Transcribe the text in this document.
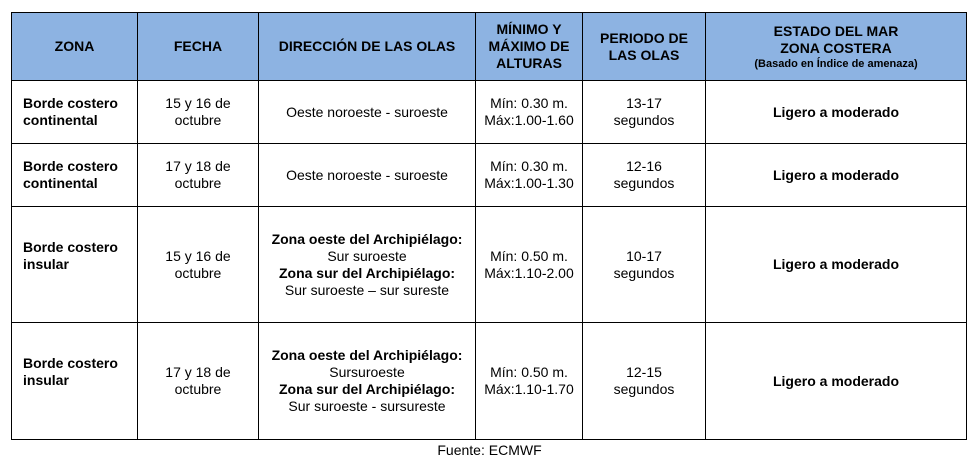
ZONA	FECHA	DIRECCIÓN DE LAS OLAS	MÍNIMO Y
MÁXIMO DE
ALTURAS	PERIODO DE
LAS OLAS	ESTADO DEL MAR
ZONA COSTERA
(Basado en Índice de amenaza)

Borde costero
continental	15 y 16 de
octubre	Oeste noroeste - suroeste	Mín: 0.30 m.
Máx:1.00-1.60	13-17
segundos	Ligero a moderado

Borde costero
continental	17 y 18 de
octubre	Oeste noroeste - suroeste	Mín: 0.30 m.
Máx:1.00-1.30	12-16
segundos	Ligero a moderado

Borde costero
insular	15 y 16 de
octubre	Zona oeste del Archipiélago:
Sur suroeste
Zona sur del Archipiélago:
Sur suroeste – sur sureste	Mín: 0.50 m.
Máx:1.10-2.00	10-17
segundos	Ligero a moderado

Borde costero
insular	17 y 18 de
octubre	Zona oeste del Archipiélago:
Sursuroeste
Zona sur del Archipiélago:
Sur suroeste - sursureste	Mín: 0.50 m.
Máx:1.10-1.70	12-15
segundos	Ligero a moderado
Fuente: ECMWF
